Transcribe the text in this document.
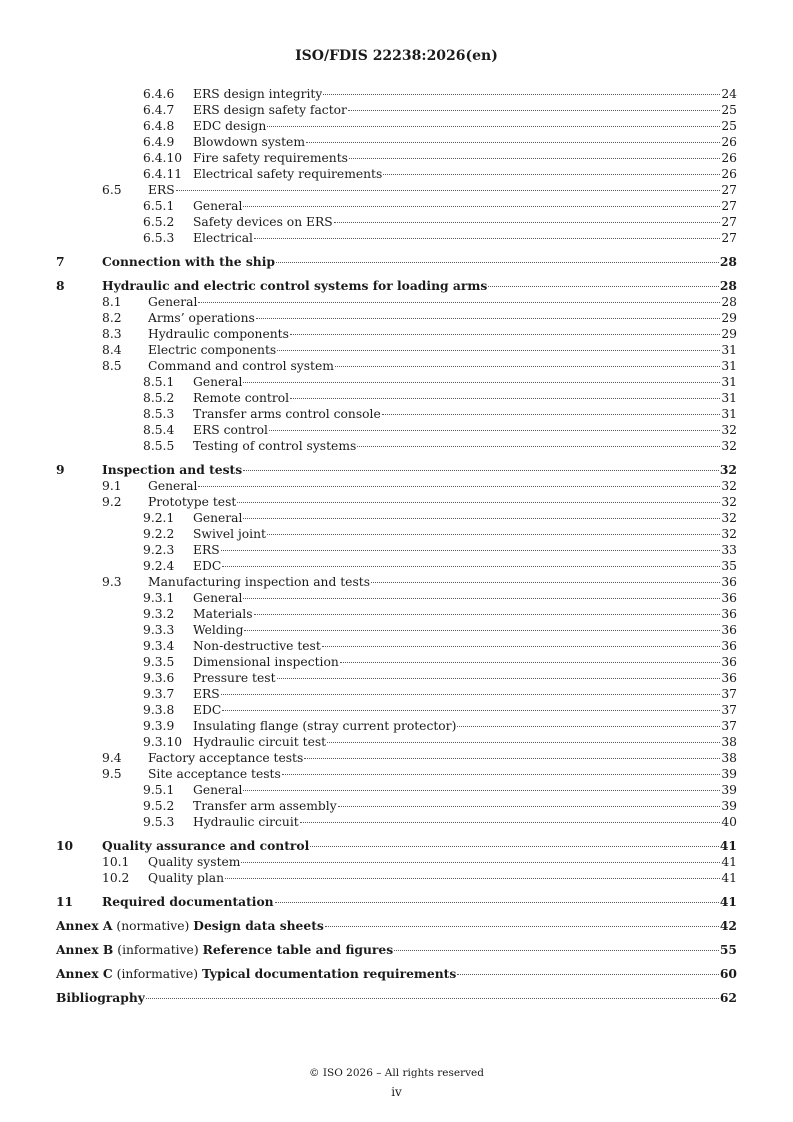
ISO/FDIS 22238:2026(en)
6.4.6	ERS design integrity	24
6.4.7	ERS design safety factor	25
6.4.8	EDC design	25
6.4.9	Blowdown system	26
6.4.10 Fire safety requirements	26
6.4.11 Electrical safety requirements	26
6.5	ERS	27
6.5.1	General	27
6.5.2	Safety devices on ERS	27
6.5.3	Electrical	27
7	Connection with the ship	28
8	Hydraulic and electric control systems for loading arms	28
8.1	General	28
8.2	Arms’ operations	29
8.3	Hydraulic components	29
8.4	Electric components	31
8.5	Command and control system	31
8.5.1	General	31
8.5.2	Remote control	31
8.5.3	Transfer arms control console	31
8.5.4	ERS control	32
8.5.5	Testing of control systems	32
9	Inspection and tests	32
9.1	General	32
9.2	Prototype test	32
9.2.1	General	32
9.2.2	Swivel joint	32
9.2.3	ERS	33
9.2.4	EDC	35
9.3	Manufacturing inspection and tests	36
9.3.1	General	36
9.3.2	Materials	36
9.3.3	Welding	36
9.3.4	Non-destructive test	36
9.3.5	Dimensional inspection	36
9.3.6	Pressure test	36
9.3.7	ERS	37
9.3.8	EDC	37
9.3.9	Insulating flange (stray current protector)	37
9.3.10 Hydraulic circuit test	38
9.4	Factory acceptance tests	38
9.5	Site acceptance tests	39
9.5.1	General	39
9.5.2	Transfer arm assembly	39
9.5.3	Hydraulic circuit	40
10	Quality assurance and control	41
10.1	Quality system	41
10.2	Quality plan	41
11	Required documentation	41
Annex A (normative) Design data sheets	42
Annex B (informative) Reference table and figures	55
Annex C (informative) Typical documentation requirements	60
Bibliography	62
© ISO 2026 – All rights reserved
iv
